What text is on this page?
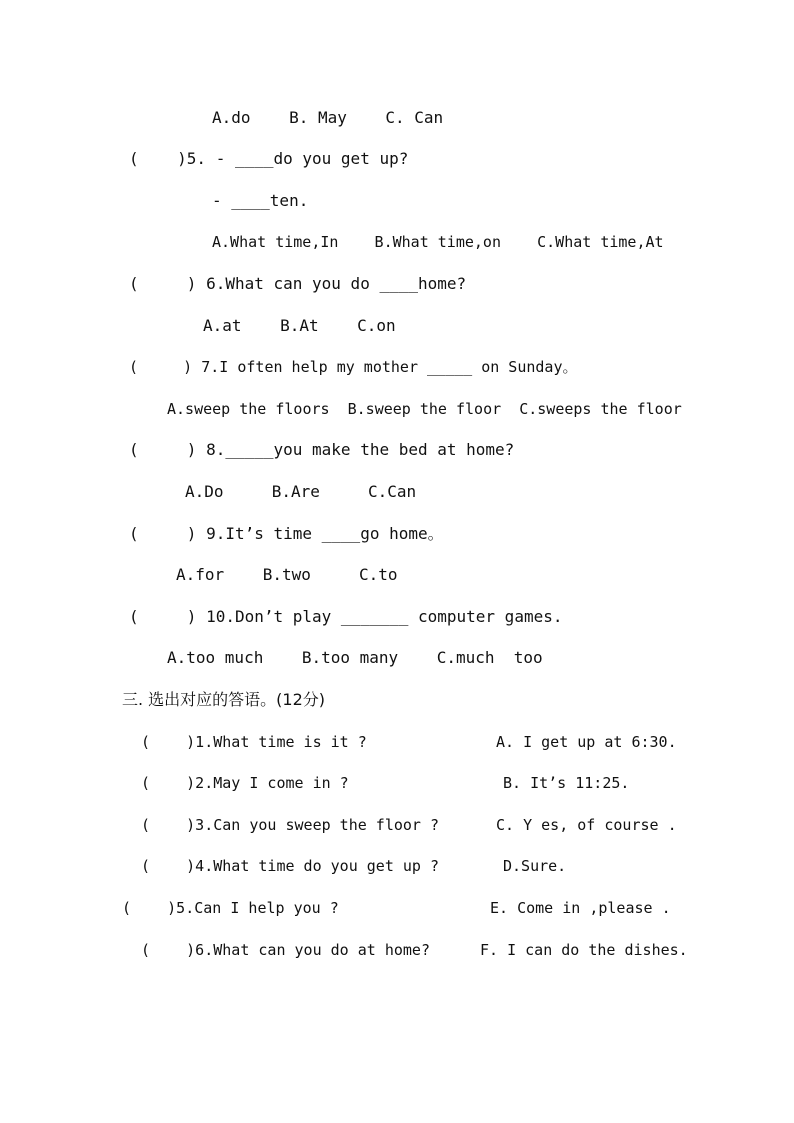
A.do    B. May    C. Can
(    )5. - ____do you get up?
- ____ten.
A.What time,In    B.What time,on    C.What time,At
(     ) 6.What can you do ____home?
A.at    B.At    C.on
(     ) 7.I often help my mother _____ on Sunday。
A.sweep the floors  B.sweep the floor  C.sweeps the floor
(     ) 8._____you make the bed at home?
A.Do     B.Are     C.Can
(     ) 9.It’s time ____go home。
A.for    B.two     C.to
(     ) 10.Don’t play _______ computer games.
A.too much    B.too many    C.much  too
三. 选出对应的答语。(12分)
(    )1.What time is it ?
(    )2.May I come in ?
(    )3.Can you sweep the floor ?
(    )4.What time do you get up ?
(    )5.Can I help you ?
(    )6.What can you do at home?
A. I get up at 6:30.
B. It’s 11:25.
C. Y es, of course .
D.Sure.
E. Come in ,please .
F. I can do the dishes.
